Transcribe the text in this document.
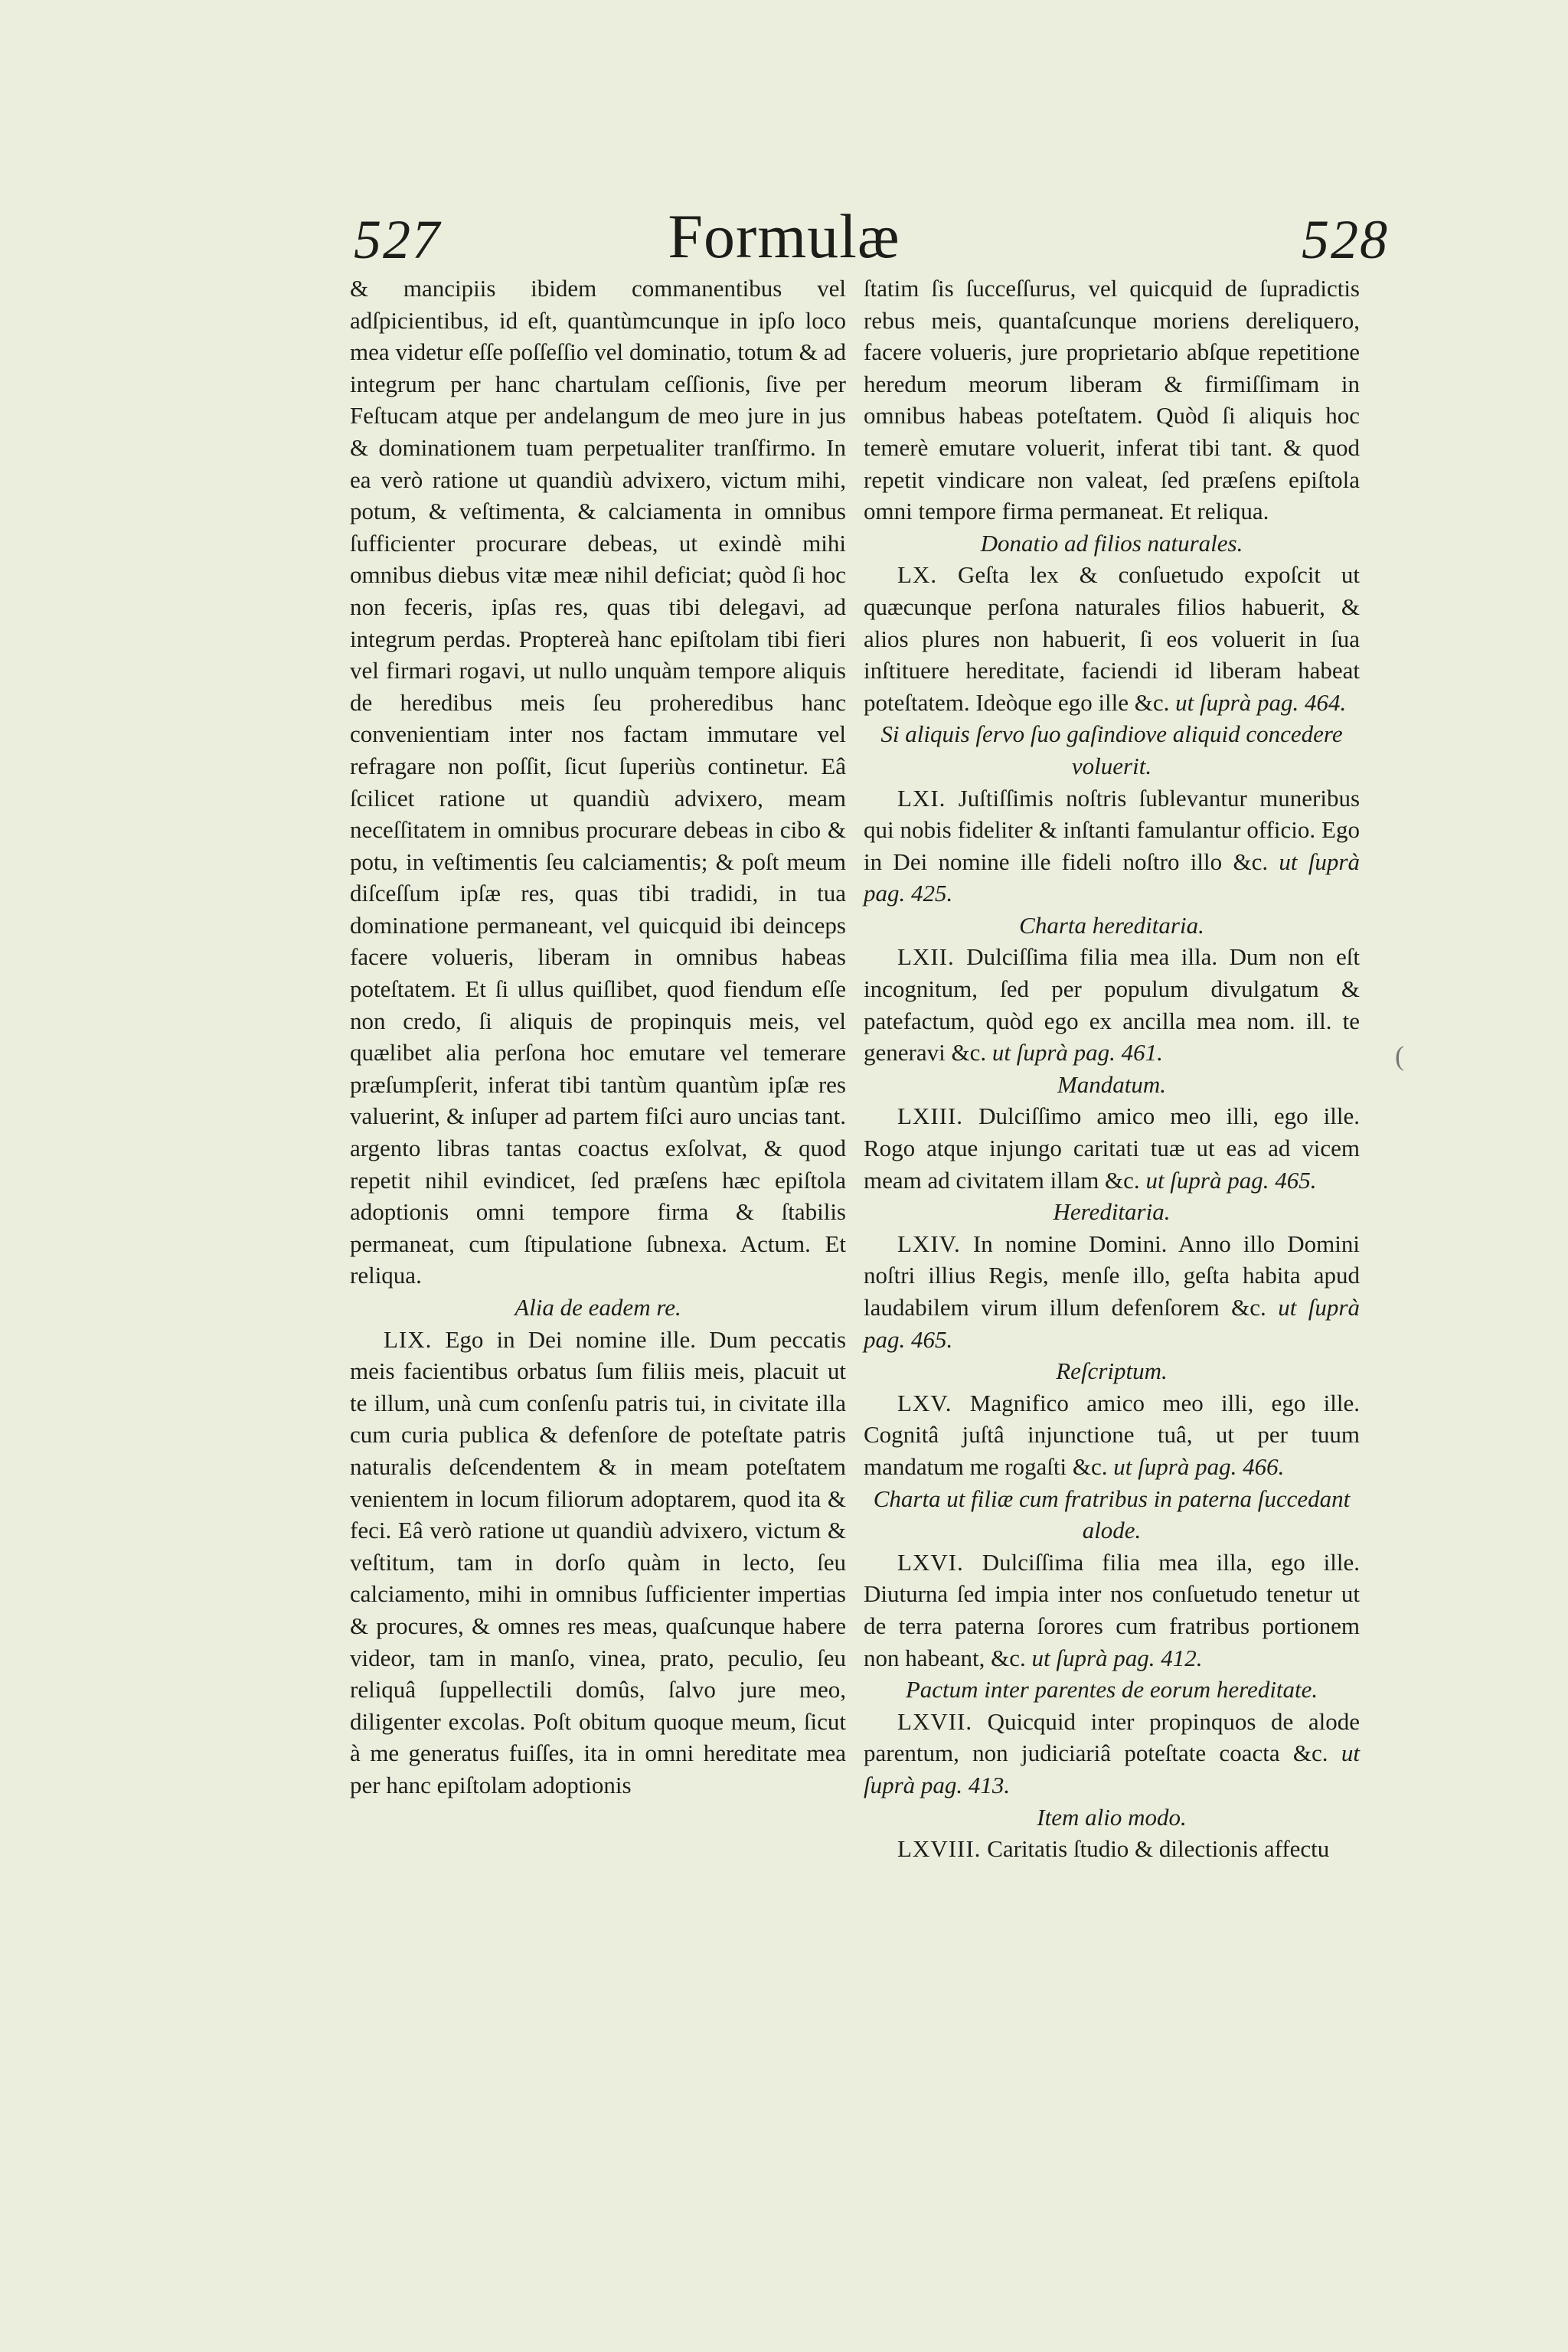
527	Formulæ	528

& mancipiis ibidem commanentibus vel adſpicientibus, id eſt, quantùmcunque in ipſo loco mea videtur eſſe poſſeſſio vel dominatio, totum & ad integrum per hanc chartulam ceſſionis, ſive per Feſtucam atque per andelangum de meo jure in jus & dominationem tuam perpetualiter tranſfirmo. In ea verò ratione ut quandiù advixero, victum mihi, potum, & veſtimenta, & calciamenta in omnibus ſufficienter procurare debeas, ut exindè mihi omnibus diebus vitæ meæ nihil deficiat; quòd ſi hoc non feceris, ipſas res, quas tibi delegavi, ad integrum perdas. Proptereà hanc epiſtolam tibi fieri vel firmari rogavi, ut nullo unquàm tempore aliquis de heredibus meis ſeu proheredibus hanc convenientiam inter nos factam immutare vel refragare non poſſit, ſicut ſuperiùs continetur. Eâ ſcilicet ratione ut quandiù advixero, meam neceſſitatem in omnibus procurare debeas in cibo & potu, in veſtimentis ſeu calciamentis; & poſt meum diſceſſum ipſæ res, quas tibi tradidi, in tua dominatione permaneant, vel quicquid ibi deinceps facere volueris, liberam in omnibus habeas poteſtatem. Et ſi ullus quiſlibet, quod fiendum eſſe non credo, ſi aliquis de propinquis meis, vel quælibet alia perſona hoc emutare vel temerare præſumpſerit, inferat tibi tantùm quantùm ipſæ res valuerint, & inſuper ad partem fiſci auro uncias tant. argento libras tantas coactus exſolvat, & quod repetit nihil evindicet, ſed præſens hæc epiſtola adoptionis omni tempore firma & ſtabilis permaneat, cum ſtipulatione ſubnexa. Actum. Et reliqua.

Alia de eadem re.

LIX. Ego in Dei nomine ille. Dum peccatis meis facientibus orbatus ſum filiis meis, placuit ut te illum, unà cum conſenſu patris tui, in civitate illa cum curia publica & defenſore de poteſtate patris naturalis deſcendentem & in meam poteſtatem venientem in locum filiorum adoptarem, quod ita & feci. Eâ verò ratione ut quandiù advixero, victum & veſtitum, tam in dorſo quàm in lecto, ſeu calciamento, mihi in omnibus ſufficienter impertias & procures, & omnes res meas, quaſcunque habere videor, tam in manſo, vinea, prato, peculio, ſeu reliquâ ſuppellectili domûs, ſalvo jure meo, diligenter excolas. Poſt obitum quoque meum, ſicut à me generatus fuiſſes, ita in omni hereditate mea per hanc epiſtolam adoptionis

ſtatim ſis ſucceſſurus, vel quicquid de ſupradictis rebus meis, quantaſcunque moriens dereliquero, facere volueris, jure proprietario abſque repetitione heredum meorum liberam & firmiſſimam in omnibus habeas poteſtatem. Quòd ſi aliquis hoc temerè emutare voluerit, inferat tibi tant. & quod repetit vindicare non valeat, ſed præſens epiſtola omni tempore firma permaneat. Et reliqua.

Donatio ad filios naturales.

LX. Geſta lex & conſuetudo expoſcit ut quæcunque perſona naturales filios habuerit, & alios plures non habuerit, ſi eos voluerit in ſua inſtituere hereditate, faciendi id liberam habeat poteſtatem. Ideòque ego ille &c. ut ſuprà pag. 464.

Si aliquis ſervo ſuo gaſindiove aliquid concedere voluerit.

LXI. Juſtiſſimis noſtris ſublevantur muneribus qui nobis fideliter & inſtanti famulantur officio. Ego in Dei nomine ille fideli noſtro illo &c. ut ſuprà pag. 425.

Charta hereditaria.

LXII. Dulciſſima filia mea illa. Dum non eſt incognitum, ſed per populum divulgatum & patefactum, quòd ego ex ancilla mea nom. ill. te generavi &c. ut ſuprà pag. 461.

Mandatum.

LXIII. Dulciſſimo amico meo illi, ego ille. Rogo atque injungo caritati tuæ ut eas ad vicem meam ad civitatem illam &c. ut ſuprà pag. 465.

Hereditaria.

LXIV. In nomine Domini. Anno illo Domini noſtri illius Regis, menſe illo, geſta habita apud laudabilem virum illum defenſorem &c. ut ſuprà pag. 465.

Reſcriptum.

LXV. Magnifico amico meo illi, ego ille. Cognitâ juſtâ injunctione tuâ, ut per tuum mandatum me rogaſti &c. ut ſuprà pag. 466.

Charta ut filiæ cum fratribus in paterna ſuccedant alode.

LXVI. Dulciſſima filia mea illa, ego ille. Diuturna ſed impia inter nos conſuetudo tenetur ut de terra paterna ſorores cum fratribus portionem non habeant, &c. ut ſuprà pag. 412.

Pactum inter parentes de eorum hereditate.

LXVII. Quicquid inter propinquos de alode parentum, non judiciariâ poteſtate coacta &c. ut ſuprà pag. 413.

Item alio modo.

LXVIII. Caritatis ſtudio & dilectionis affectu

(
